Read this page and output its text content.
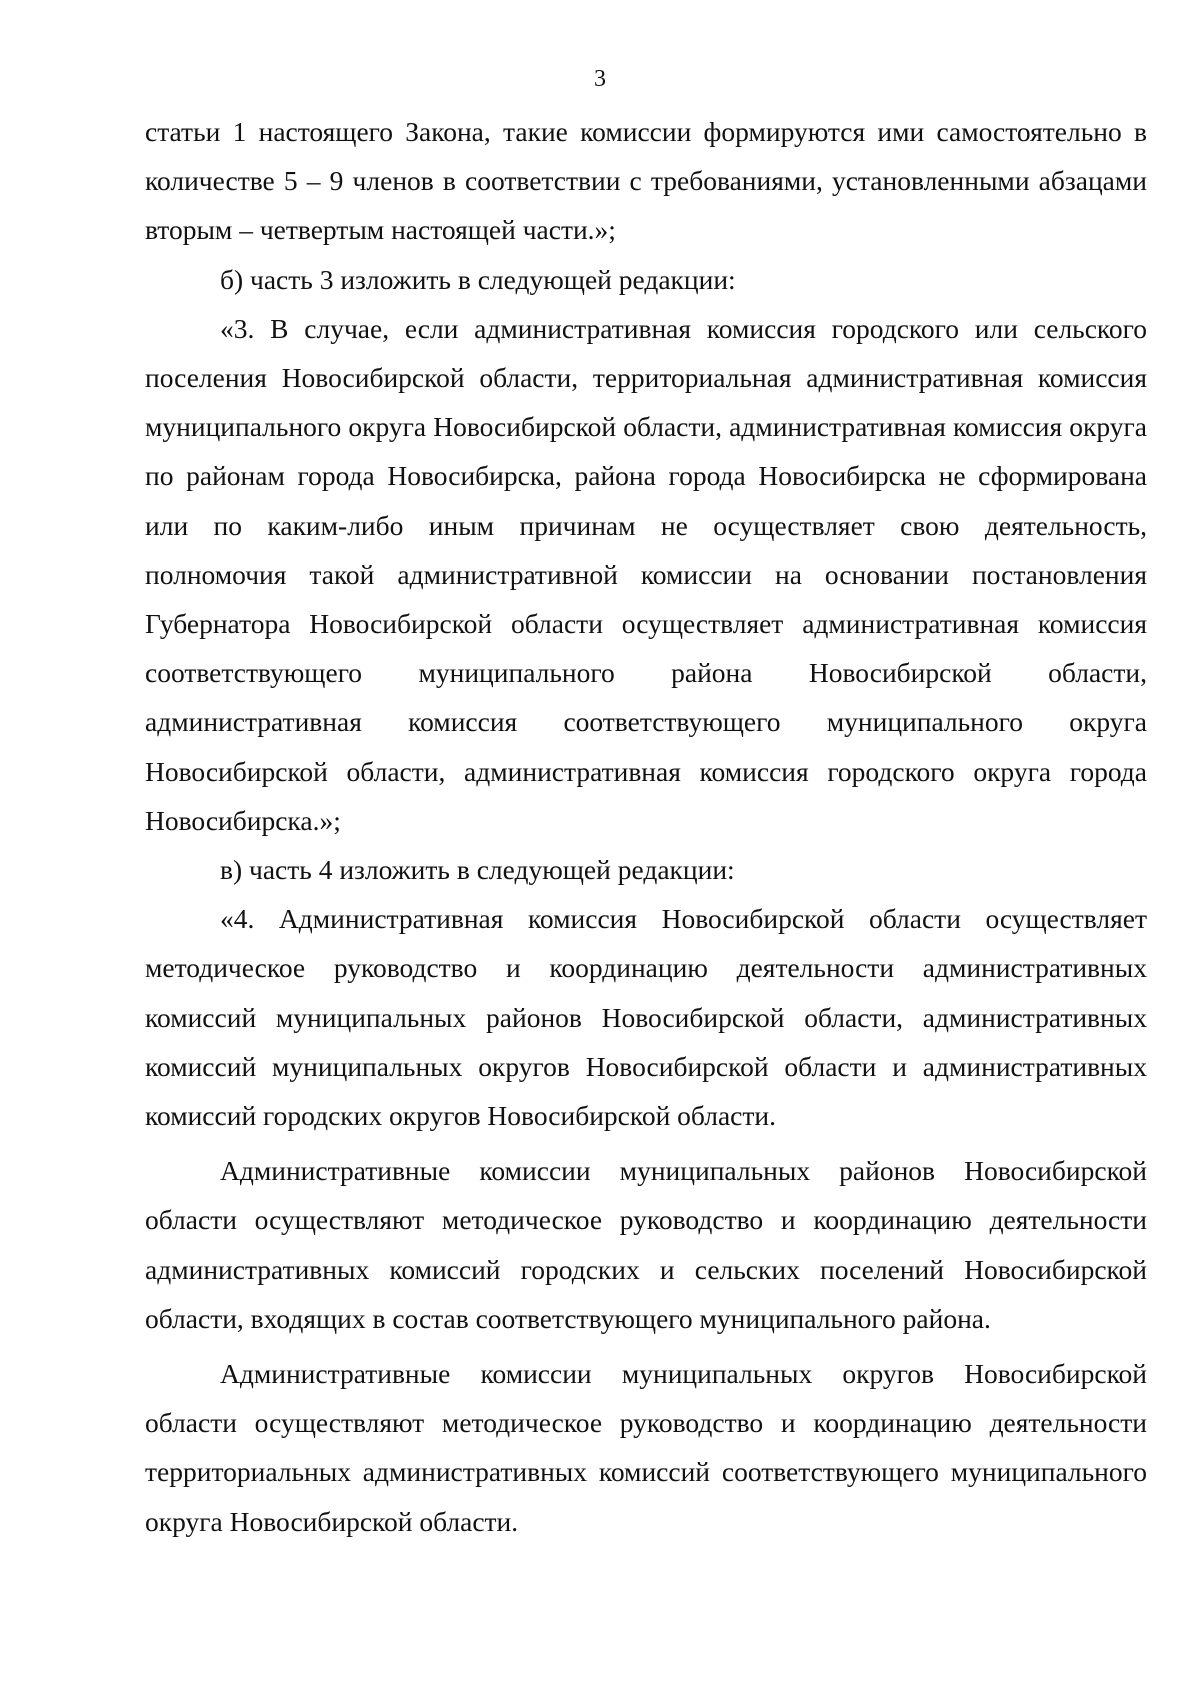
3

статьи 1 настоящего Закона, такие комиссии формируются ими самостоятельно в количестве 5 – 9 членов в соответствии с требованиями, установленными абзацами вторым – четвертым настоящей части.»;

б) часть 3 изложить в следующей редакции:

«3. В случае, если административная комиссия городского или сельского поселения Новосибирской области, территориальная административная комиссия муниципального округа Новосибирской области, административная комиссия округа по районам города Новосибирска, района города Новосибирска не сформирована или по каким-либо иным причинам не осуществляет свою деятельность, полномочия такой административной комиссии на основании постановления Губернатора Новосибирской области осуществляет административная комиссия соответствующего муниципального района Новосибирской области, административная комиссия соответствующего муниципального округа Новосибирской области, административная комиссия городского округа города Новосибирска.»;

в) часть 4 изложить в следующей редакции:

«4. Административная комиссия Новосибирской области осуществляет методическое руководство и координацию деятельности административных комиссий муниципальных районов Новосибирской области, административных комиссий муниципальных округов Новосибирской области и административных комиссий городских округов Новосибирской области.

Административные комиссии муниципальных районов Новосибирской области осуществляют методическое руководство и координацию деятельности административных комиссий городских и сельских поселений Новосибирской области, входящих в состав соответствующего муниципального района.

Административные комиссии муниципальных округов Новосибирской области осуществляют методическое руководство и координацию деятельности территориальных административных комиссий соответствующего муниципального округа Новосибирской области.
